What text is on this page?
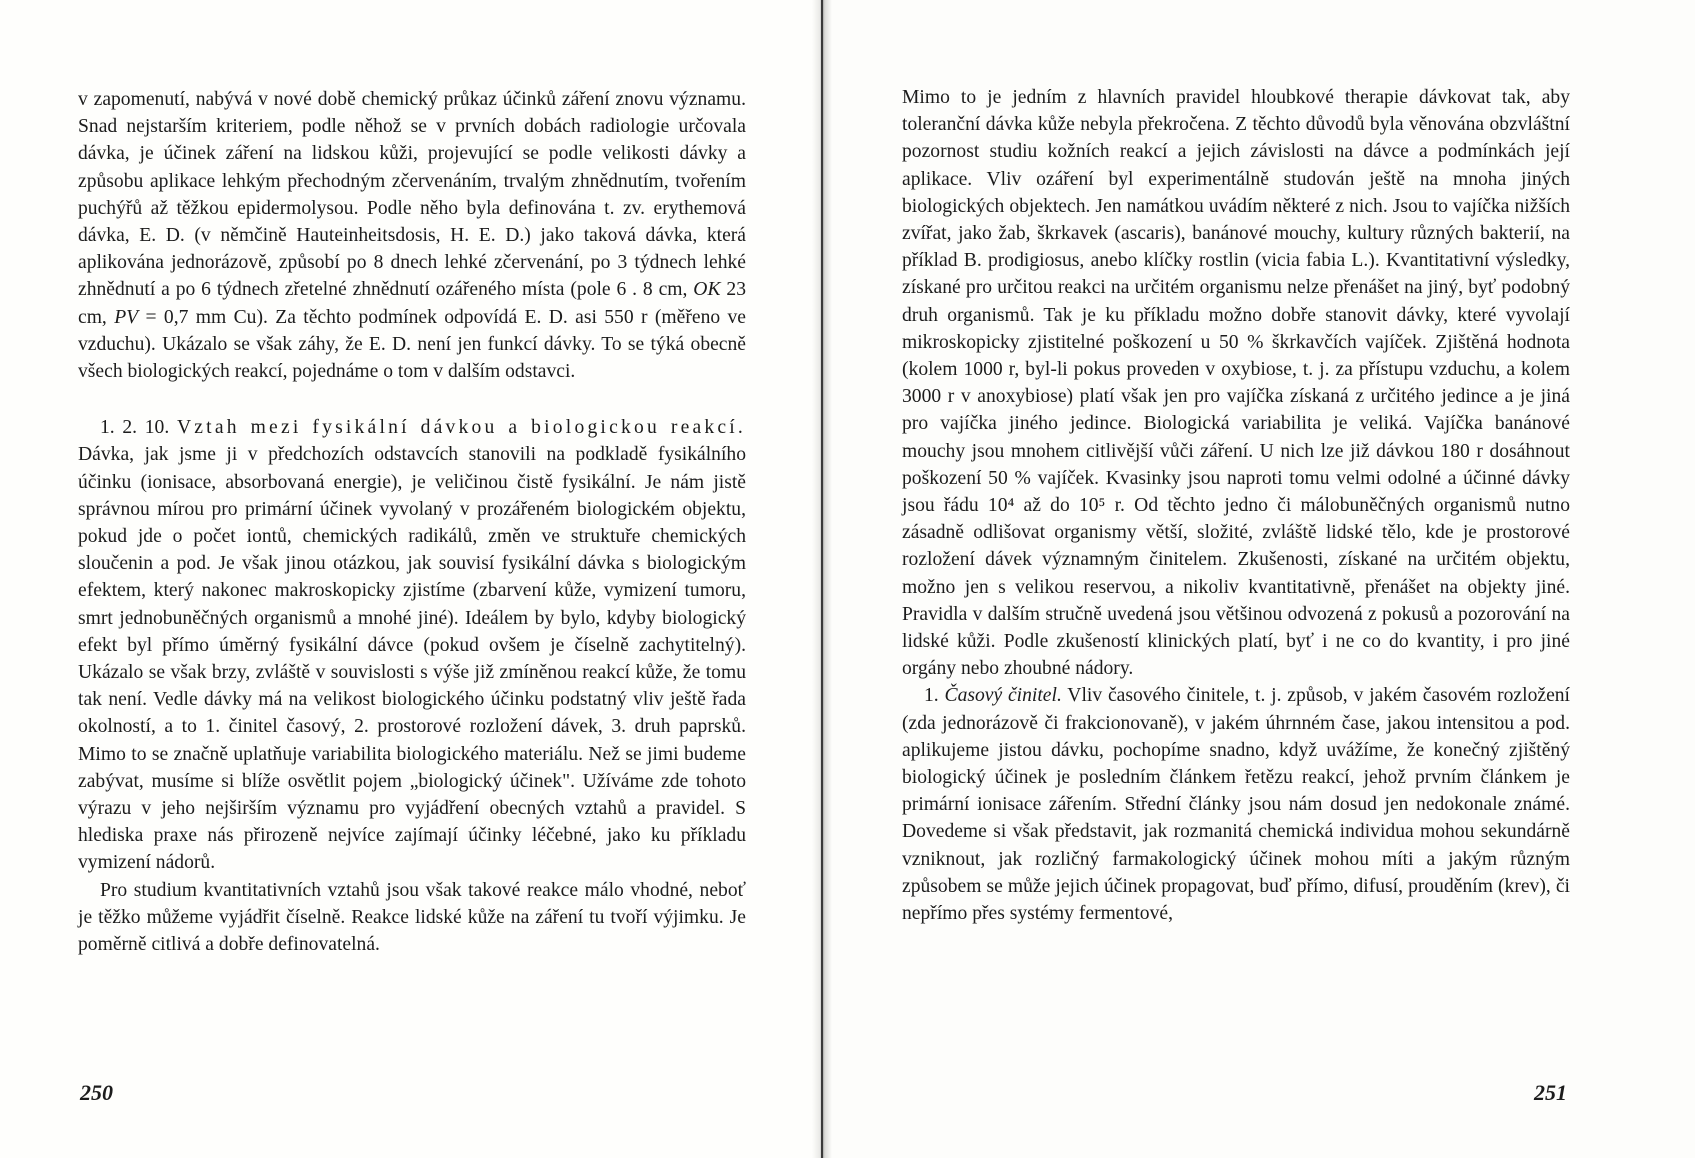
v zapomenutí, nabývá v nové době chemický průkaz účinků záření znovu významu. Snad nejstarším kriteriem, podle něhož se v prvních dobách radiologie určovala dávka, je účinek záření na lidskou kůži, projevující se podle velikosti dávky a způsobu aplikace lehkým přechodným zčervenáním, trvalým zhnědnutím, tvořením puchýřů až těžkou epidermolysou. Podle něho byla definována t. zv. erythemová dávka, E. D. (v němčině Hauteinheitsdosis, H. E. D.) jako taková dávka, která aplikována jednorázově, způsobí po 8 dnech lehké zčervenání, po 3 týdnech lehké zhnědnutí a po 6 týdnech zřetelné zhnědnutí ozářeného místa (pole 6 . 8 cm, OK 23 cm, PV = 0,7 mm Cu). Za těchto podmínek odpovídá E. D. asi 550 r (měřeno ve vzduchu). Ukázalo se však záhy, že E. D. není jen funkcí dávky. To se týká obecně všech biologických reakcí, pojednáme o tom v dalším odstavci.

1. 2. 10. Vztah mezi fysikální dávkou a biologickou reakcí. Dávka, jak jsme ji v předchozích odstavcích stanovili na podkladě fysikálního účinku (ionisace, absorbovaná energie), je veličinou čistě fysikální. Je nám jistě správnou mírou pro primární účinek vyvolaný v prozářeném biologickém objektu, pokud jde o počet iontů, chemických radikálů, změn ve struktuře chemických sloučenin a pod. Je však jinou otázkou, jak souvisí fysikální dávka s biologickým efektem, který nakonec makroskopicky zjistíme (zbarvení kůže, vymizení tumoru, smrt jednobuněčných organismů a mnohé jiné). Ideálem by bylo, kdyby biologický efekt byl přímo úměrný fysikální dávce (pokud ovšem je číselně zachytitelný). Ukázalo se však brzy, zvláště v souvislosti s výše již zmíněnou reakcí kůže, že tomu tak není. Vedle dávky má na velikost biologického účinku podstatný vliv ještě řada okolností, a to 1. činitel časový, 2. prostorové rozložení dávek, 3. druh paprsků. Mimo to se značně uplatňuje variabilita biologického materiálu. Než se jimi budeme zabývat, musíme si blíže osvětlit pojem „biologický účinek". Užíváme zde tohoto výrazu v jeho nejširším významu pro vyjádření obecných vztahů a pravidel. S hlediska praxe nás přirozeně nejvíce zajímají účinky léčebné, jako ku příkladu vymizení nádorů.

Pro studium kvantitativních vztahů jsou však takové reakce málo vhodné, neboť je těžko můžeme vyjádřit číselně. Reakce lidské kůže na záření tu tvoří výjimku. Je poměrně citlivá a dobře definovatelná.

250

Mimo to je jedním z hlavních pravidel hloubkové therapie dávkovat tak, aby toleranční dávka kůže nebyla překročena. Z těchto důvodů byla věnována obzvláštní pozornost studiu kožních reakcí a jejich závislosti na dávce a podmínkách její aplikace. Vliv ozáření byl experimentálně studován ještě na mnoha jiných biologických objektech. Jen namátkou uvádím některé z nich. Jsou to vajíčka nižších zvířat, jako žab, škrkavek (ascaris), banánové mouchy, kultury různých bakterií, na příklad B. prodigiosus, anebo klíčky rostlin (vicia fabia L.). Kvantitativní výsledky, získané pro určitou reakci na určitém organismu nelze přenášet na jiný, byť podobný druh organismů. Tak je ku příkladu možno dobře stanovit dávky, které vyvolají mikroskopicky zjistitelné poškození u 50 % škrkavčích vajíček. Zjištěná hodnota (kolem 1000 r, byl-li pokus proveden v oxybiose, t. j. za přístupu vzduchu, a kolem 3000 r v anoxybiose) platí však jen pro vajíčka získaná z určitého jedince a je jiná pro vajíčka jiného jedince. Biologická variabilita je veliká. Vajíčka banánové mouchy jsou mnohem citlivější vůči záření. U nich lze již dávkou 180 r dosáhnout poškození 50 % vajíček. Kvasinky jsou naproti tomu velmi odolné a účinné dávky jsou řádu 10⁴ až do 10⁵ r. Od těchto jedno či málobuněčných organismů nutno zásadně odlišovat organismy větší, složité, zvláště lidské tělo, kde je prostorové rozložení dávek významným činitelem. Zkušenosti, získané na určitém objektu, možno jen s velikou reservou, a nikoliv kvantitativně, přenášet na objekty jiné. Pravidla v dalším stručně uvedená jsou většinou odvozená z pokusů a pozorování na lidské kůži. Podle zkušeností klinických platí, byť i ne co do kvantity, i pro jiné orgány nebo zhoubné nádory.

1. Časový činitel. Vliv časového činitele, t. j. způsob, v jakém časovém rozložení (zda jednorázově či frakcionovaně), v jakém úhrnném čase, jakou intensitou a pod. aplikujeme jistou dávku, pochopíme snadno, když uvážíme, že konečný zjištěný biologický účinek je posledním článkem řetězu reakcí, jehož prvním článkem je primární ionisace zářením. Střední články jsou nám dosud jen nedokonale známé. Dovedeme si však představit, jak rozmanitá chemická individua mohou sekundárně vzniknout, jak rozličný farmakologický účinek mohou míti a jakým různým způsobem se může jejich účinek propagovat, buď přímo, difusí, prouděním (krev), či nepřímo přes systémy fermentové,

251
